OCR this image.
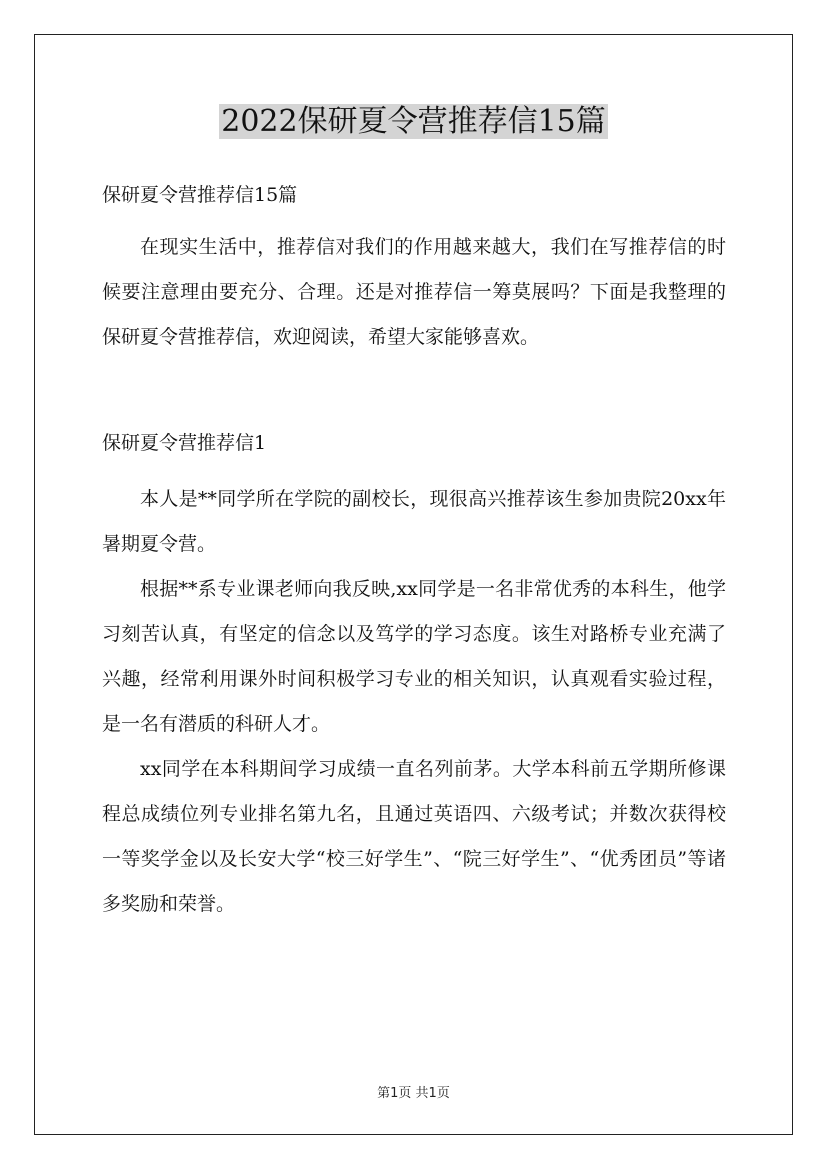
2022保研夏令营推荐信15篇

保研夏令营推荐信15篇

在现实生活中，推荐信对我们的作用越来越大，我们在写推荐信的时候要注意理由要充分、合理。还是对推荐信一筹莫展吗？下面是我整理的保研夏令营推荐信，欢迎阅读，希望大家能够喜欢。

保研夏令营推荐信1

本人是**同学所在学院的副校长，现很高兴推荐该生参加贵院20xx年暑期夏令营。

根据**系专业课老师向我反映,xx同学是一名非常优秀的本科生，他学习刻苦认真，有坚定的信念以及笃学的学习态度。该生对路桥专业充满了兴趣，经常利用课外时间积极学习专业的相关知识，认真观看实验过程，是一名有潜质的科研人才。

xx同学在本科期间学习成绩一直名列前茅。大学本科前五学期所修课程总成绩位列专业排名第九名，且通过英语四、六级考试；并数次获得校一等奖学金以及长安大学“校三好学生”、“院三好学生”、“优秀团员”等诸多奖励和荣誉。

第1页 共1页
